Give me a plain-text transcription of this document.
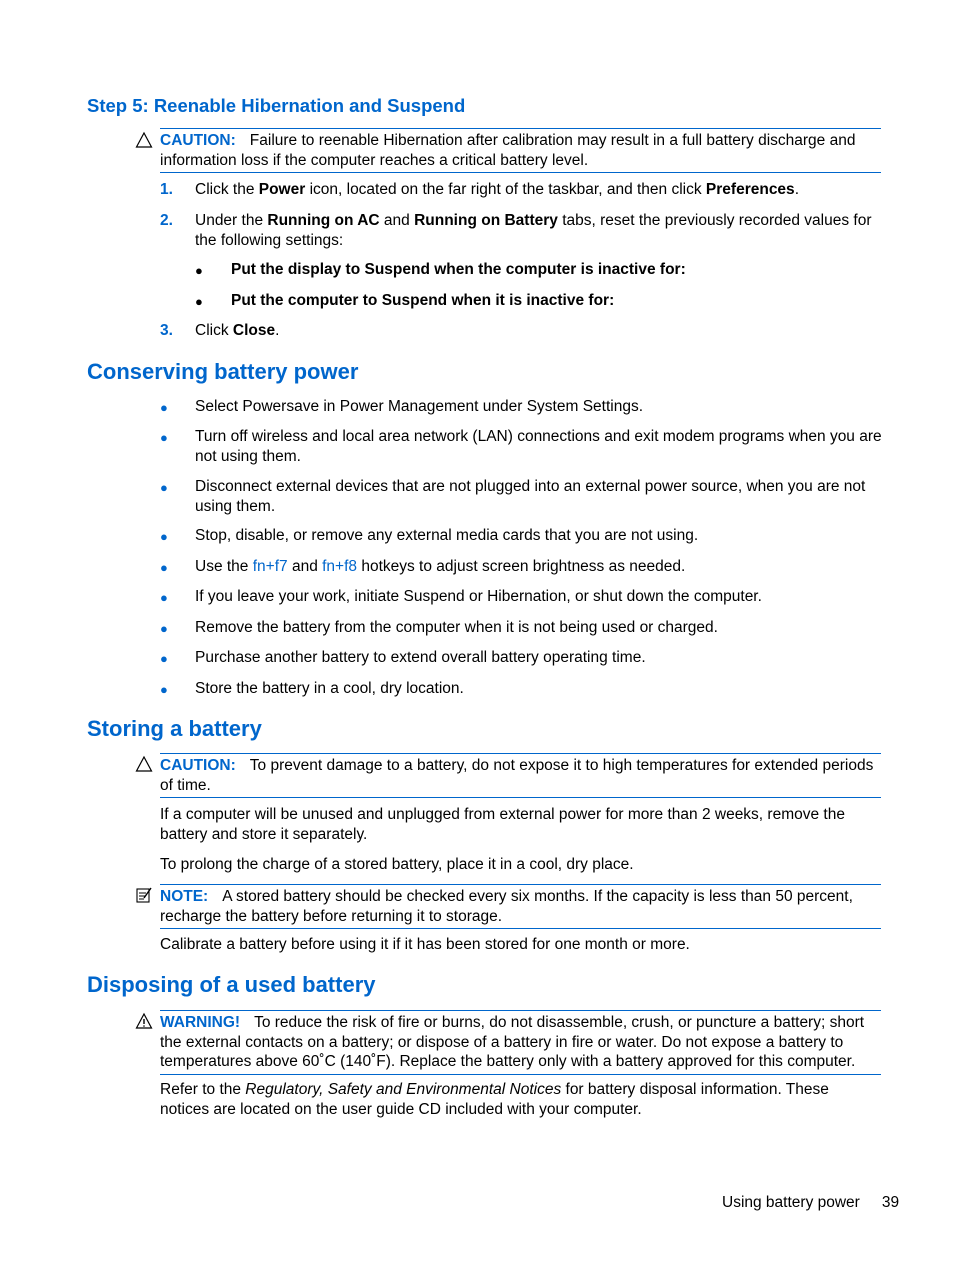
Step 5: Reenable Hibernation and Suspend
CAUTION: Failure to reenable Hibernation after calibration may result in a full battery discharge and information loss if the computer reaches a critical battery level.
1. Click the Power icon, located on the far right of the taskbar, and then click Preferences.
2. Under the Running on AC and Running on Battery tabs, reset the previously recorded values for the following settings:
● Put the display to Suspend when the computer is inactive for:
● Put the computer to Suspend when it is inactive for:
3. Click Close.
Conserving battery power
● Select Powersave in Power Management under System Settings.
● Turn off wireless and local area network (LAN) connections and exit modem programs when you are not using them.
● Disconnect external devices that are not plugged into an external power source, when you are not using them.
● Stop, disable, or remove any external media cards that you are not using.
● Use the fn+f7 and fn+f8 hotkeys to adjust screen brightness as needed.
● If you leave your work, initiate Suspend or Hibernation, or shut down the computer.
● Remove the battery from the computer when it is not being used or charged.
● Purchase another battery to extend overall battery operating time.
● Store the battery in a cool, dry location.
Storing a battery
CAUTION: To prevent damage to a battery, do not expose it to high temperatures for extended periods of time.
If a computer will be unused and unplugged from external power for more than 2 weeks, remove the battery and store it separately.
To prolong the charge of a stored battery, place it in a cool, dry place.
NOTE: A stored battery should be checked every six months. If the capacity is less than 50 percent, recharge the battery before returning it to storage.
Calibrate a battery before using it if it has been stored for one month or more.
Disposing of a used battery
WARNING! To reduce the risk of fire or burns, do not disassemble, crush, or puncture a battery; short the external contacts on a battery; or dispose of a battery in fire or water. Do not expose a battery to temperatures above 60˚C (140˚F). Replace the battery only with a battery approved for this computer.
Refer to the Regulatory, Safety and Environmental Notices for battery disposal information. These notices are located on the user guide CD included with your computer.
Using battery power 39
